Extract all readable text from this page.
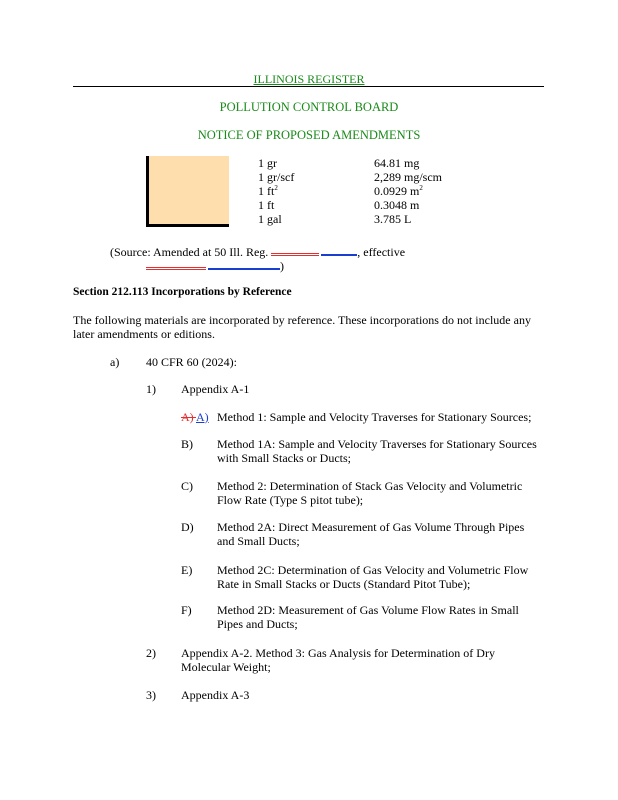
ILLINOIS REGISTER
POLLUTION CONTROL BOARD
NOTICE OF PROPOSED AMENDMENTS
1 gr
1 gr/scf
1 $ft^2$
1 ft
1 gal
64.81 mg
2,289 mg/scm
0.0929 $m^2$
0.3048 m
3.785 L
(Source: Amended at 50 Ill. Reg.	, effective
)
Section 212.113 Incorporations by Reference
The following materials are incorporated by reference. These incorporations do not include any later amendments or editions.
a) 40 CFR 60 (2024):
1) Appendix A-1
A) A) Method 1: Sample and Velocity Traverses for Stationary Sources;
B) Method 1A: Sample and Velocity Traverses for Stationary Sources with Small Stacks or Ducts;
C) Method 2: Determination of Stack Gas Velocity and Volumetric Flow Rate (Type S pitot tube);
D) Method 2A: Direct Measurement of Gas Volume Through Pipes and Small Ducts;
E) Method 2C: Determination of Gas Velocity and Volumetric Flow Rate in Small Stacks or Ducts (Standard Pitot Tube);
F) Method 2D: Measurement of Gas Volume Flow Rates in Small Pipes and Ducts;
2) Appendix A-2. Method 3: Gas Analysis for Determination of Dry Molecular Weight;
3) Appendix A-3
